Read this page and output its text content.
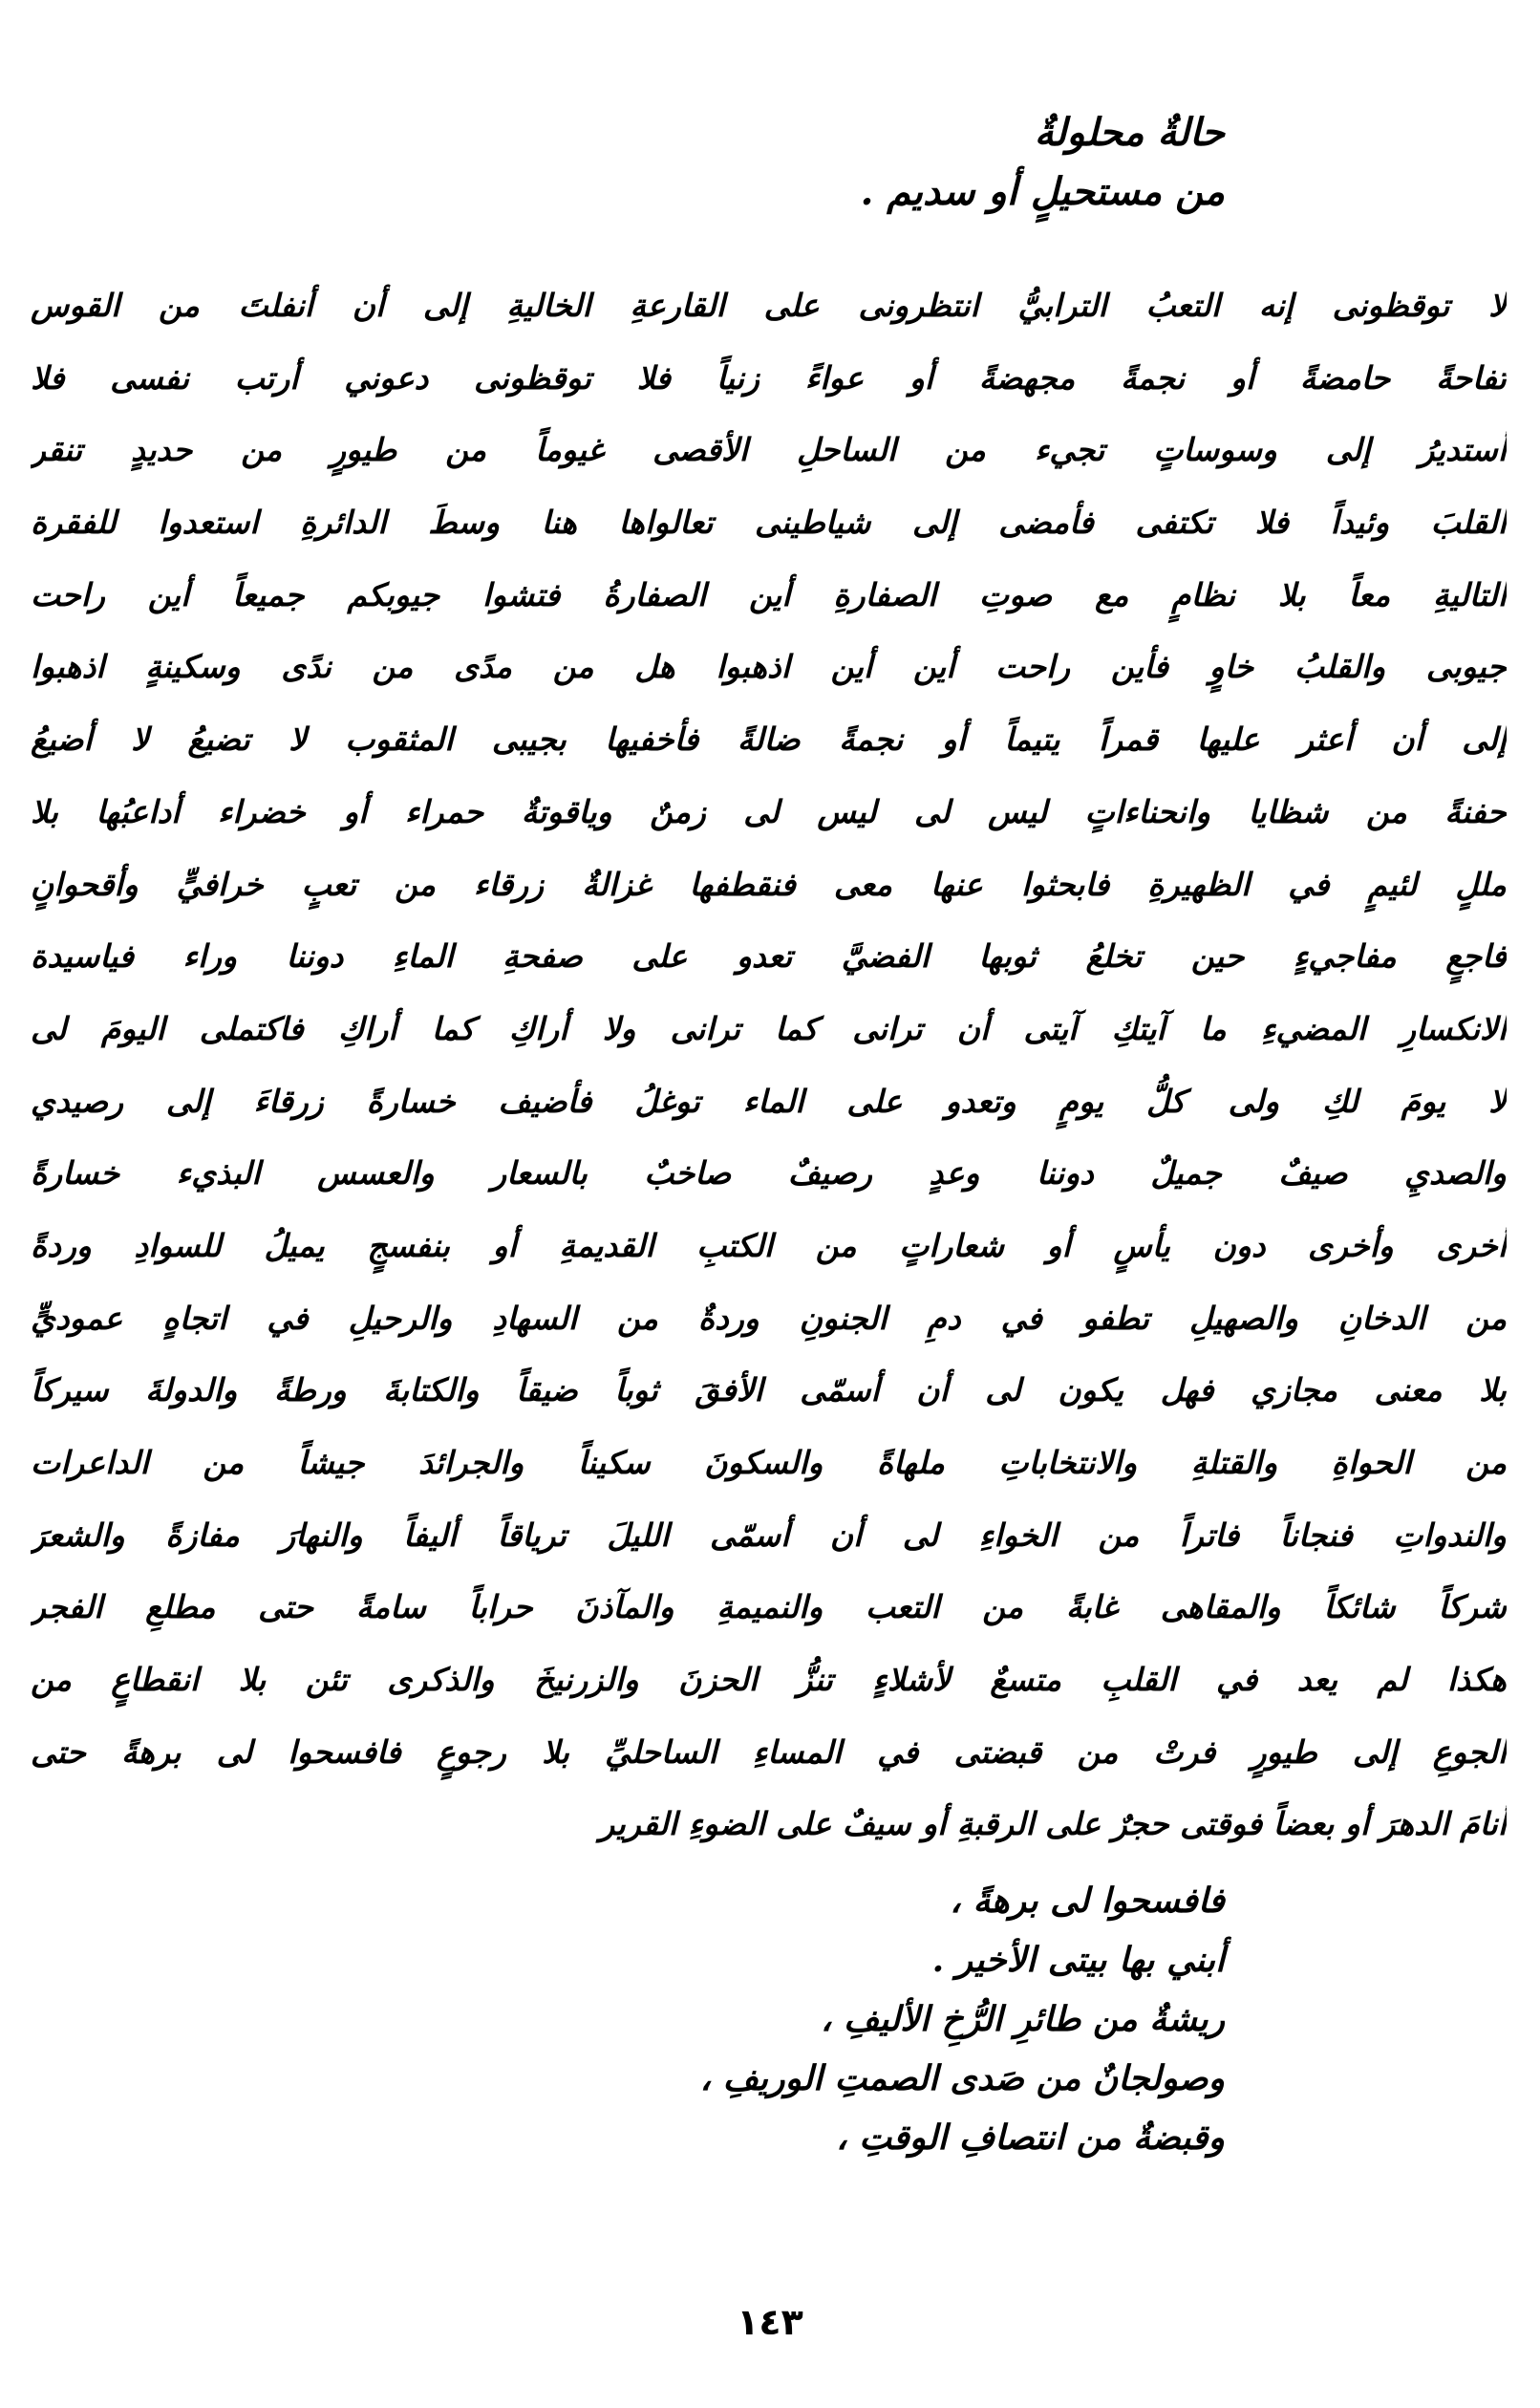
حالةٌ محلولةٌ
من مستحيلٍ أو سديم .
لا توقظونى إنه التعبُ الترابيُّ انتظرونى على القارعةِ الخاليةِ إلى أن أنفلتَ من القوس
تفاحةً حامضةً أو نجمةً مجهضةً أو عواءً زنياً فلا توقظونى دعوني أرتب نفسى فلا
أستديرُ إلى وسوساتٍ تجيء من الساحلِ الأقصى غيوماً من طيورٍ من حديدٍ تنقر
القلبَ وئيداً فلا تكتفى فأمضى إلى شياطينى تعالواها هنا وسطَ الدائرةِ استعدوا للفقرة
التاليةِ معاً بلا نظامٍ مع صوتِ الصفارةِ أين الصفارةُ فتشوا جيوبكم جميعاً أين راحت
جيوبى والقلبُ خاوٍ فأين راحت أين أين اذهبوا هل من مدًى من ندًى وسكينةٍ اذهبوا
إلى أن أعثر عليها قمراً يتيماً أو نجمةً ضالةً فأخفيها بجيبى المثقوب لا تضيعُ لا أضيعُ
حفنةً من شظايا وانحناءاتٍ ليس لى ليس لى زمنٌ وياقوتةٌ حمراء أو خضراء أداعبُها بلا
مللٍ لئيمٍ في الظهيرةِ فابحثوا عنها معى فنقطفها غزالةٌ زرقاء من تعبٍ خرافيٍّ وأقحوانٍ
فاجعٍ مفاجيءٍ حين تخلعُ ثوبها الفضيَّ تعدو على صفحةِ الماءِ دوننا وراء فياسيدة
الانكسارِ المضيءِ ما آيتكِ آيتى أن ترانى كما ترانى ولا أراكِ كما أراكِ فاكتملى اليومَ لى
لا يومَ لكِ ولى كلُّ يومٍ وتعدو على الماء توغلُ فأضيف خسارةً زرقاءَ إلى رصيدي
والصديِ صيفٌ جميلٌ دوننا وعدٍ رصيفٌ صاخبٌ بالسعار والعسس البذيء خسارةً
أخرى وأخرى دون يأسٍ أو شعاراتٍ من الكتبِ القديمةِ أو بنفسجٍ يميلُ للسوادِ وردةً
من الدخانِ والصهيلِ تطفو في دمِ الجنونِ وردةٌ من السهادِ والرحيلِ في اتجاهٍ عموديٍّ
بلا معنى مجازي فهل يكون لى أن أسمّى الأفقَ ثوباً ضيقاً والكتابةَ ورطةً والدولةَ سيركاً
من الحواةِ والقتلةِ والانتخاباتِ ملهاةً والسكونَ سكيناً والجرائدَ جيشاً من الداعرات
والندواتِ فنجاناً فاتراً من الخواءِ لى أن أسمّى الليلَ ترياقاً أليفاً والنهارَ مفازةً والشعرَ
شركاً شائكاً والمقاهى غابةً من التعب والنميمةِ والمآذنَ حراباً سامةً حتى مطلعِ الفجر
هكذا لم يعد في القلبِ متسعٌ لأشلاءٍ تنزُّ الحزنَ والزرنيخَ والذكرى تئن بلا انقطاعٍ من
الجوعِ إلى طيورٍ فرتْ من قبضتى في المساءِ الساحليِّ بلا رجوعٍ فافسحوا لى برهةً حتى
أنامَ الدهرَ أو بعضاً فوقتى حجرٌ على الرقبةِ أو سيفٌ على الضوءِ القرير
فافسحوا لى برهةً ،
أبني بها بيتى الأخير .
ريشةٌ من طائرِ الرُّخِ الأليفِ ،
وصولجانٌ من صَدى الصمتِ الوريفِ ،
وقبضةٌ من انتصافِ الوقتِ ،
١٤٣
